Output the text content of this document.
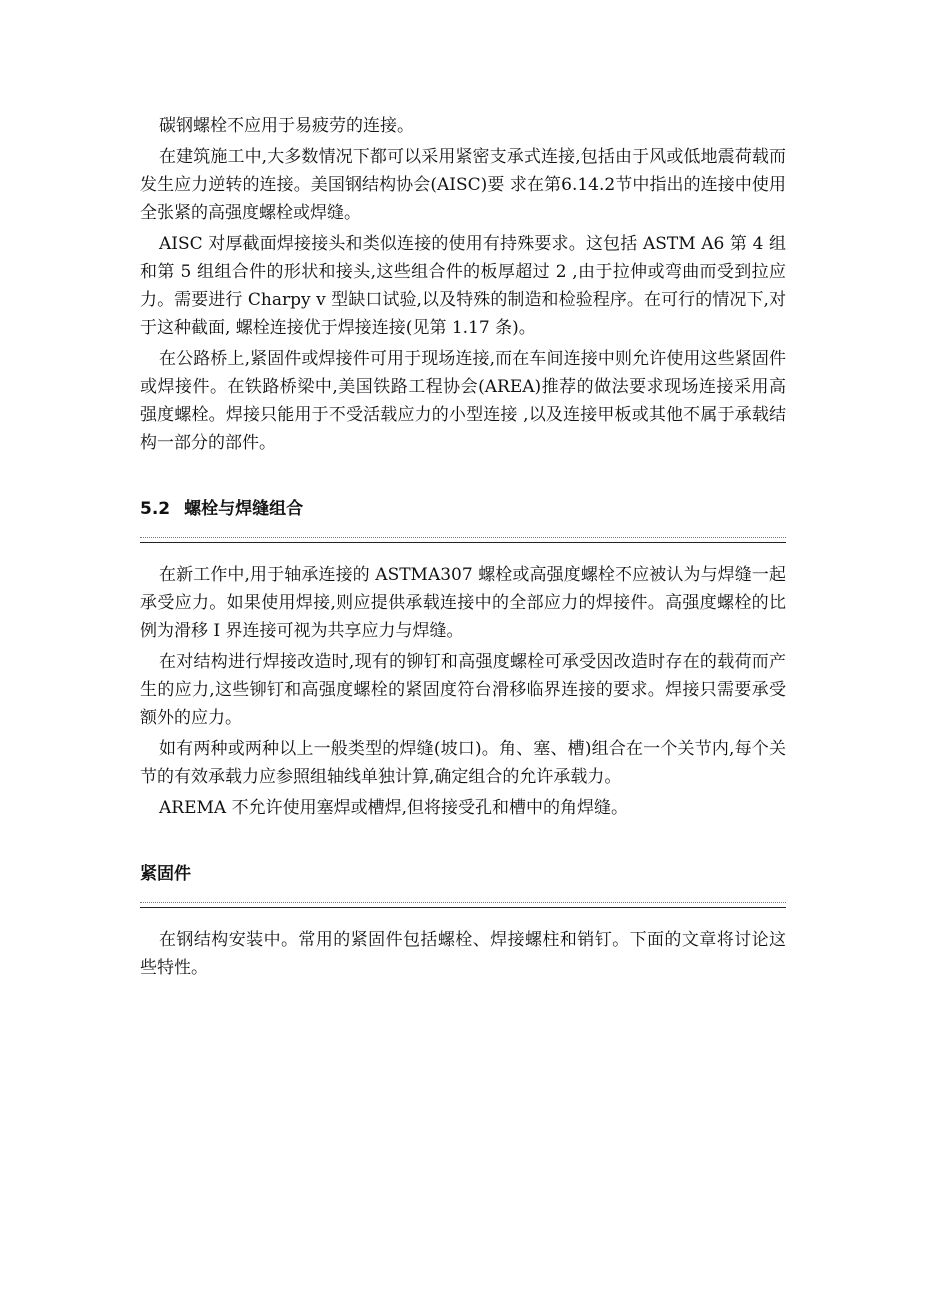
碳钢螺栓不应用于易疲劳的连接。

在建筑施工中,大多数情况下都可以采用紧密支承式连接,包括由于风或低地震荷载而发生应力逆转的连接。美国钢结构协会(AISC)要 求在第6.14.2节中指出的连接中使用全张紧的高强度螺栓或焊缝。

AISC 对厚截面焊接接头和类似连接的使用有持殊要求。这包括 ASTM A6 第 4 组和第 5 组组合件的形状和接头,这些组合件的板厚超过 2 ,由于拉伸或弯曲而受到拉应力。需要进行 Charpy v 型缺口试验,以及特殊的制造和检验程序。在可行的情况下,对于这种截面, 螺栓连接优于焊接连接(见第 1.17 条)。

在公路桥上,紧固件或焊接件可用于现场连接,而在车间连接中则允许使用这些紧固件或焊接件。在铁路桥梁中,美国铁路工程协会(AREA)推荐的做法要求现场连接采用高强度螺栓。焊接只能用于不受活载应力的小型连接 ,以及连接甲板或其他不属于承载结构一部分的部件。

5.2 螺栓与焊缝组合

在新工作中,用于轴承连接的 ASTMA307 螺栓或高强度螺栓不应被认为与焊缝一起承受应力。如果使用焊接,则应提供承载连接中的全部应力的焊接件。高强度螺栓的比例为滑移 I 界连接可视为共享应力与焊缝。

在对结构进行焊接改造时,现有的铆钉和高强度螺栓可承受因改造时存在的载荷而产生的应力,这些铆钉和高强度螺栓的紧固度符台滑移临界连接的要求。焊接只需要承受额外的应力。

如有两种或两种以上一般类型的焊缝(坡口)。角、塞、槽)组合在一个关节内,每个关节的有效承载力应参照组轴线单独计算,确定组合的允许承载力。

AREMA 不允许使用塞焊或槽焊,但将接受孔和槽中的角焊缝。

紧固件

在钢结构安装中。常用的紧固件包括螺栓、焊接螺柱和销钉。下面的文章将讨论这些特性。
